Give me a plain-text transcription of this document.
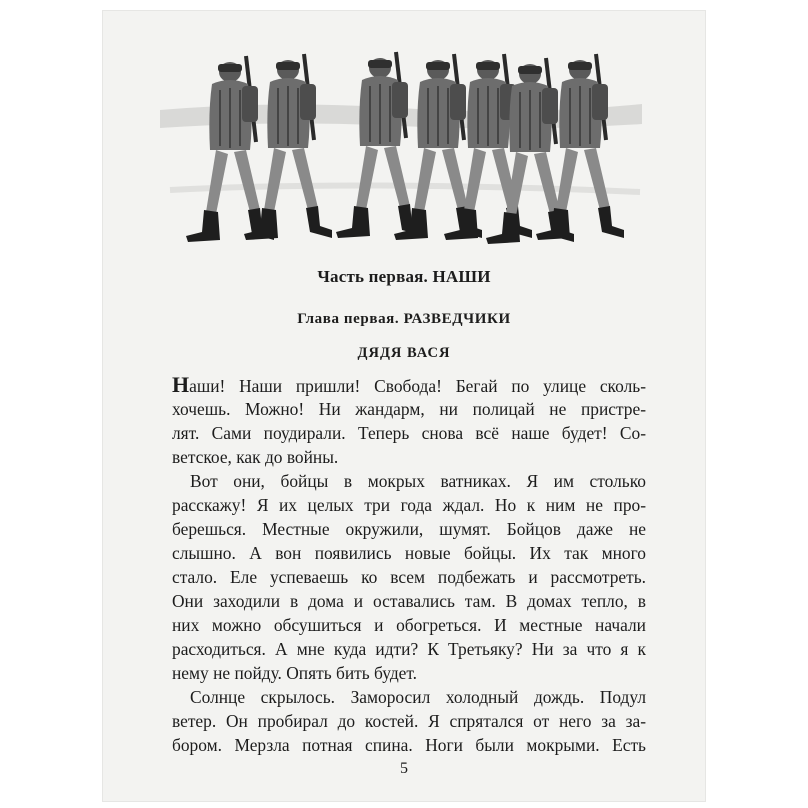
Часть первая. НАШИ
Глава первая. РАЗВЕДЧИКИ
ДЯДЯ ВАСЯ
Наши! Наши пришли! Свобода! Бегай по улице сколь-
хочешь. Можно! Ни жандарм, ни полицай не пристре-
лят. Сами поудирали. Теперь снова всё наше будет! Со-
ветское, как до войны.
Вот они, бойцы в мокрых ватниках. Я им столько
расскажу! Я их целых три года ждал. Но к ним не про-
берешься. Местные окружили, шумят. Бойцов даже не
слышно. А вон появились новые бойцы. Их так много
стало. Еле успеваешь ко всем подбежать и рассмотреть.
Они заходили в дома и оставались там. В домах тепло, в
них можно обсушиться и обогреться. И местные начали
расходиться. А мне куда идти? К Третьяку? Ни за что я к
нему не пойду. Опять бить будет.
Солнце скрылось. Заморосил холодный дождь. Подул
ветер. Он пробирал до костей. Я спрятался от него за за-
бором. Мерзла потная спина. Ноги были мокрыми. Есть
5
